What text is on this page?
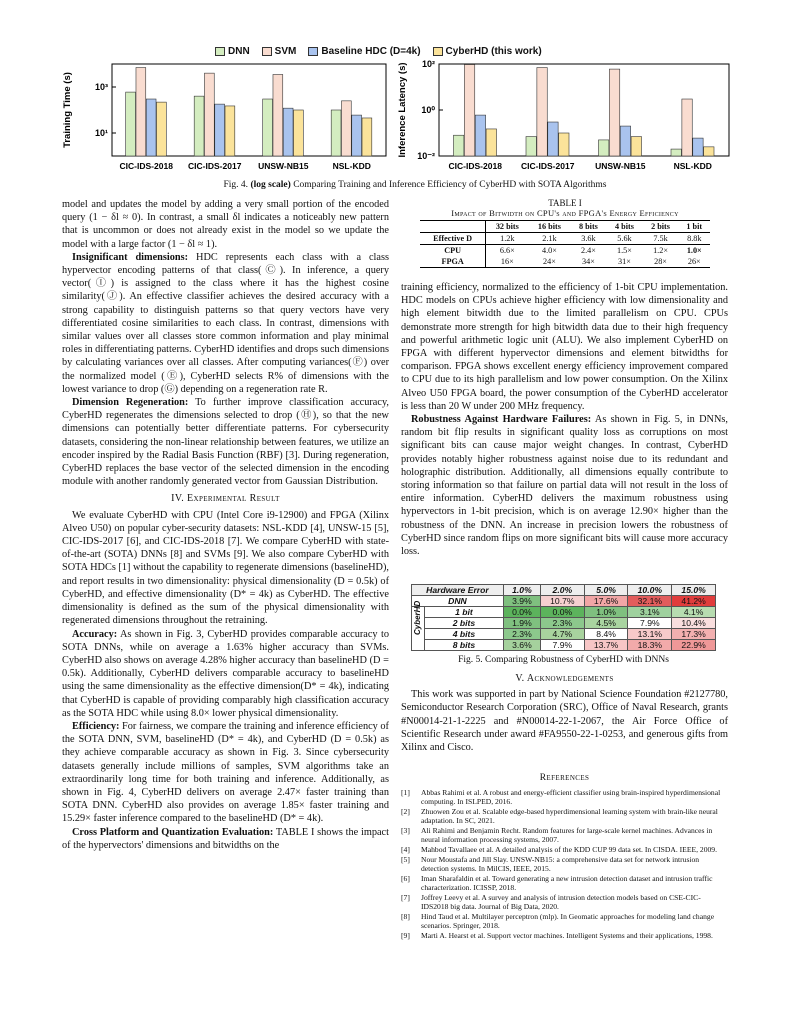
DNN	SVM	Baseline HDC (D=4k)	CyberHD (this work)
Training Time (s) 10¹
10³
CIC-IDS-2018 CIC-IDS-2017 UNSW-NB15	NSL-KDD
Inference Latency (s) 10⁻²
10⁰
10²
CIC-IDS-2018 CIC-IDS-2017 UNSW-NB15	NSL-KDD
Fig. 4. (log scale) Comparing Training and Inference Efficiency of CyberHD with SOTA Algorithms

model and updates the model by adding a very small portion of the encoded query (1 − δl ≈ 0). In contrast, a small δl indicates a noticeably new pattern that is uncommon or does not already exist in the model so we update the model with a large factor (1 − δl ≈ 1).

Insignificant dimensions: HDC represents each class with a class hypervector encoding patterns of that class(Ⓒ). In inference, a query vector(Ⓘ) is assigned to the class where it has the highest cosine similarity(Ⓙ). An effective classifier achieves the desired accuracy with a strong capability to distinguish patterns so that query vectors have very differentiated cosine similarities to each class. In contrast, dimensions with similar values over all classes store common information and play minimal roles in differentiating patterns. CyberHD identifies and drops such dimensions by calculating variances over all classes. After computing variances(Ⓕ) over the normalized model (Ⓔ), CyberHD selects R% of dimensions with the lowest variance to drop (Ⓖ) depending on a regeneration rate R.

Dimension Regeneration: To further improve classification accuracy, CyberHD regenerates the dimensions selected to drop (Ⓗ), so that the new dimensions can potentially better differentiate patterns. For cybersecurity datasets, considering the non-linear relationship between features, we utilize an encoder inspired by the Radial Basis Function (RBF) [3]. During regeneration, CyberHD replaces the base vector of the selected dimension in the encoding module with another randomly generated vector from Gaussian Distribution.

IV. Experimental Result

We evaluate CyberHD with CPU (Intel Core i9-12900) and FPGA (Xilinx Alveo U50) on popular cyber-security datasets: NSL-KDD [4], UNSW-15 [5], CIC-IDS-2017 [6], and CIC-IDS-2018 [7]. We compare CyberHD with state-of-the-art (SOTA) DNNs [8] and SVMs [9]. We also compare CyberHD with SOTA HDCs [1] without the capability to regenerate dimensions (baselineHD), and report results in two dimensionality: physical dimensionality (D = 0.5k) of CyberHD, and effective dimensionality (D* = 4k) as CyberHD. The effective dimensionality is defined as the sum of the physical dimensionality with regenerated dimensions throughout the retraining.

Accuracy: As shown in Fig. 3, CyberHD provides comparable accuracy to SOTA DNNs, while on average a 1.63% higher accuracy than SVMs. CyberHD also shows on average 4.28% higher accuracy than baselineHD (D = 0.5k). Additionally, CyberHD delivers comparable accuracy to baselineHD using the same dimensionality as the effective dimension(D* = 4k), indicating that CyberHD is capable of providing comparably high classification accuracy as the SOTA HDC while using 8.0× lower physical dimensionality.

Efficiency: For fairness, we compare the training and inference efficiency of the SOTA DNN, SVM, baselineHD (D* = 4k), and CyberHD (D = 0.5k) as they achieve comparable accuracy as shown in Fig. 3. Since cybersecurity datasets generally include millions of samples, SVM algorithms take an extraordinarily long time for both training and inference. Additionally, as shown in Fig. 4, CyberHD delivers on average 2.47× faster training than SOTA DNN. CyberHD also provides on average 1.85× faster training and 15.29× faster inference compared to the baselineHD (D* = 4k).

Cross Platform and Quantization Evaluation: TABLE I shows the impact of the hypervectors' dimensions and bitwidths on the

TABLE I
Impact of Bitwidth on CPU's and FPGA's Energy Efficiency
	32 bits	16 bits	8 bits	4 bits	2 bits	1 bit
Effective D	1.2k	2.1k	3.6k	5.6k	7.5k	8.8k
CPU	6.6×	4.0×	2.4×	1.5×	1.2×	1.0×
FPGA	16×	24×	34×	31×	28×	26×

training efficiency, normalized to the efficiency of 1-bit CPU implementation. HDC models on CPUs achieve higher efficiency with low dimensionality and high element bitwidth due to the limited parallelism on CPU. CPUs demonstrate more strength for high bitwidth data due to their high frequency and powerful arithmetic logic unit (ALU). We also implement CyberHD on FPGA with different hypervector dimensions and element bitwidths for comparison. FPGA shows excellent energy efficiency improvement compared to CPU due to its high parallelism and low power consumption. On the Xilinx Alveo U50 FPGA board, the power consumption of the CyberHD accelerator is less than 20 W under 200 MHz frequency.

Robustness Against Hardware Failures: As shown in Fig. 5, in DNNs, random bit flip results in significant quality loss as corruptions on most significant bits can cause major weight changes. In contrast, CyberHD provides notably higher robustness against noise due to its redundant and holographic distribution. Additionally, all dimensions equally contribute to storing information so that failure on partial data will not result in the loss of entire information. CyberHD delivers the maximum robustness using hypervectors in 1-bit precision, which is on average 12.90× higher than the robustness of the DNN. An increase in precision lowers the robustness of CyberHD since random flips on more significant bits will cause more accuracy loss.

Hardware Error		1.0%	2.0%	5.0%	10.0%	15.0%
DNN		3.9%	10.7%	17.6%	32.1%	41.2%

CyberHD	1 bit	0.0%	0.0%	1.0%	3.1%	4.1%
	2 bits	1.9%	2.3%	4.5%	7.9%	10.4%
	4 bits	2.3%	4.7%	8.4%	13.1%	17.3%
	8 bits	3.6%	7.9%	13.7%	18.3%	22.9%
Fig. 5. Comparing Robustness of CyberHD with DNNs
V. Acknowledgements

This work was supported in part by National Science Foundation #2127780, Semiconductor Research Corporation (SRC), Office of Naval Research, grants #N00014-21-1-2225 and #N00014-22-1-2067, the Air Force Office of Scientific Research under award #FA9550-22-1-0253, and generous gifts from Xilinx and Cisco.

References
[1]	Abbas Rahimi et al. A robust and energy-efficient classifier using brain-inspired hyperdimensional computing. In ISLPED, 2016.
[2]	Zhuowen Zou et al. Scalable edge-based hyperdimensional learning system with brain-like neural adaptation. In SC, 2021.
[3]	Ali Rahimi and Benjamin Recht. Random features for large-scale kernel machines. Advances in neural information processing systems, 2007.
[4]	Mahbod Tavallaee et al. A detailed analysis of the KDD CUP 99 data set. In CISDA. IEEE, 2009.
[5]	Nour Moustafa and Jill Slay. UNSW-NB15: a comprehensive data set for network intrusion detection systems. In MilCIS, IEEE, 2015.
[6]	Iman Sharafaldin et al. Toward generating a new intrusion detection dataset and intrusion traffic characterization. ICISSP, 2018.
[7]	Joffrey Leevy et al. A survey and analysis of intrusion detection models based on CSE-CIC-IDS2018 big data. Journal of Big Data, 2020.
[8]	Hind Taud et al. Multilayer perceptron (mlp). In Geomatic approaches for modeling land change scenarios. Springer, 2018.
[9]	Marti A. Hearst et al. Support vector machines. Intelligent Systems and their applications, 1998.
